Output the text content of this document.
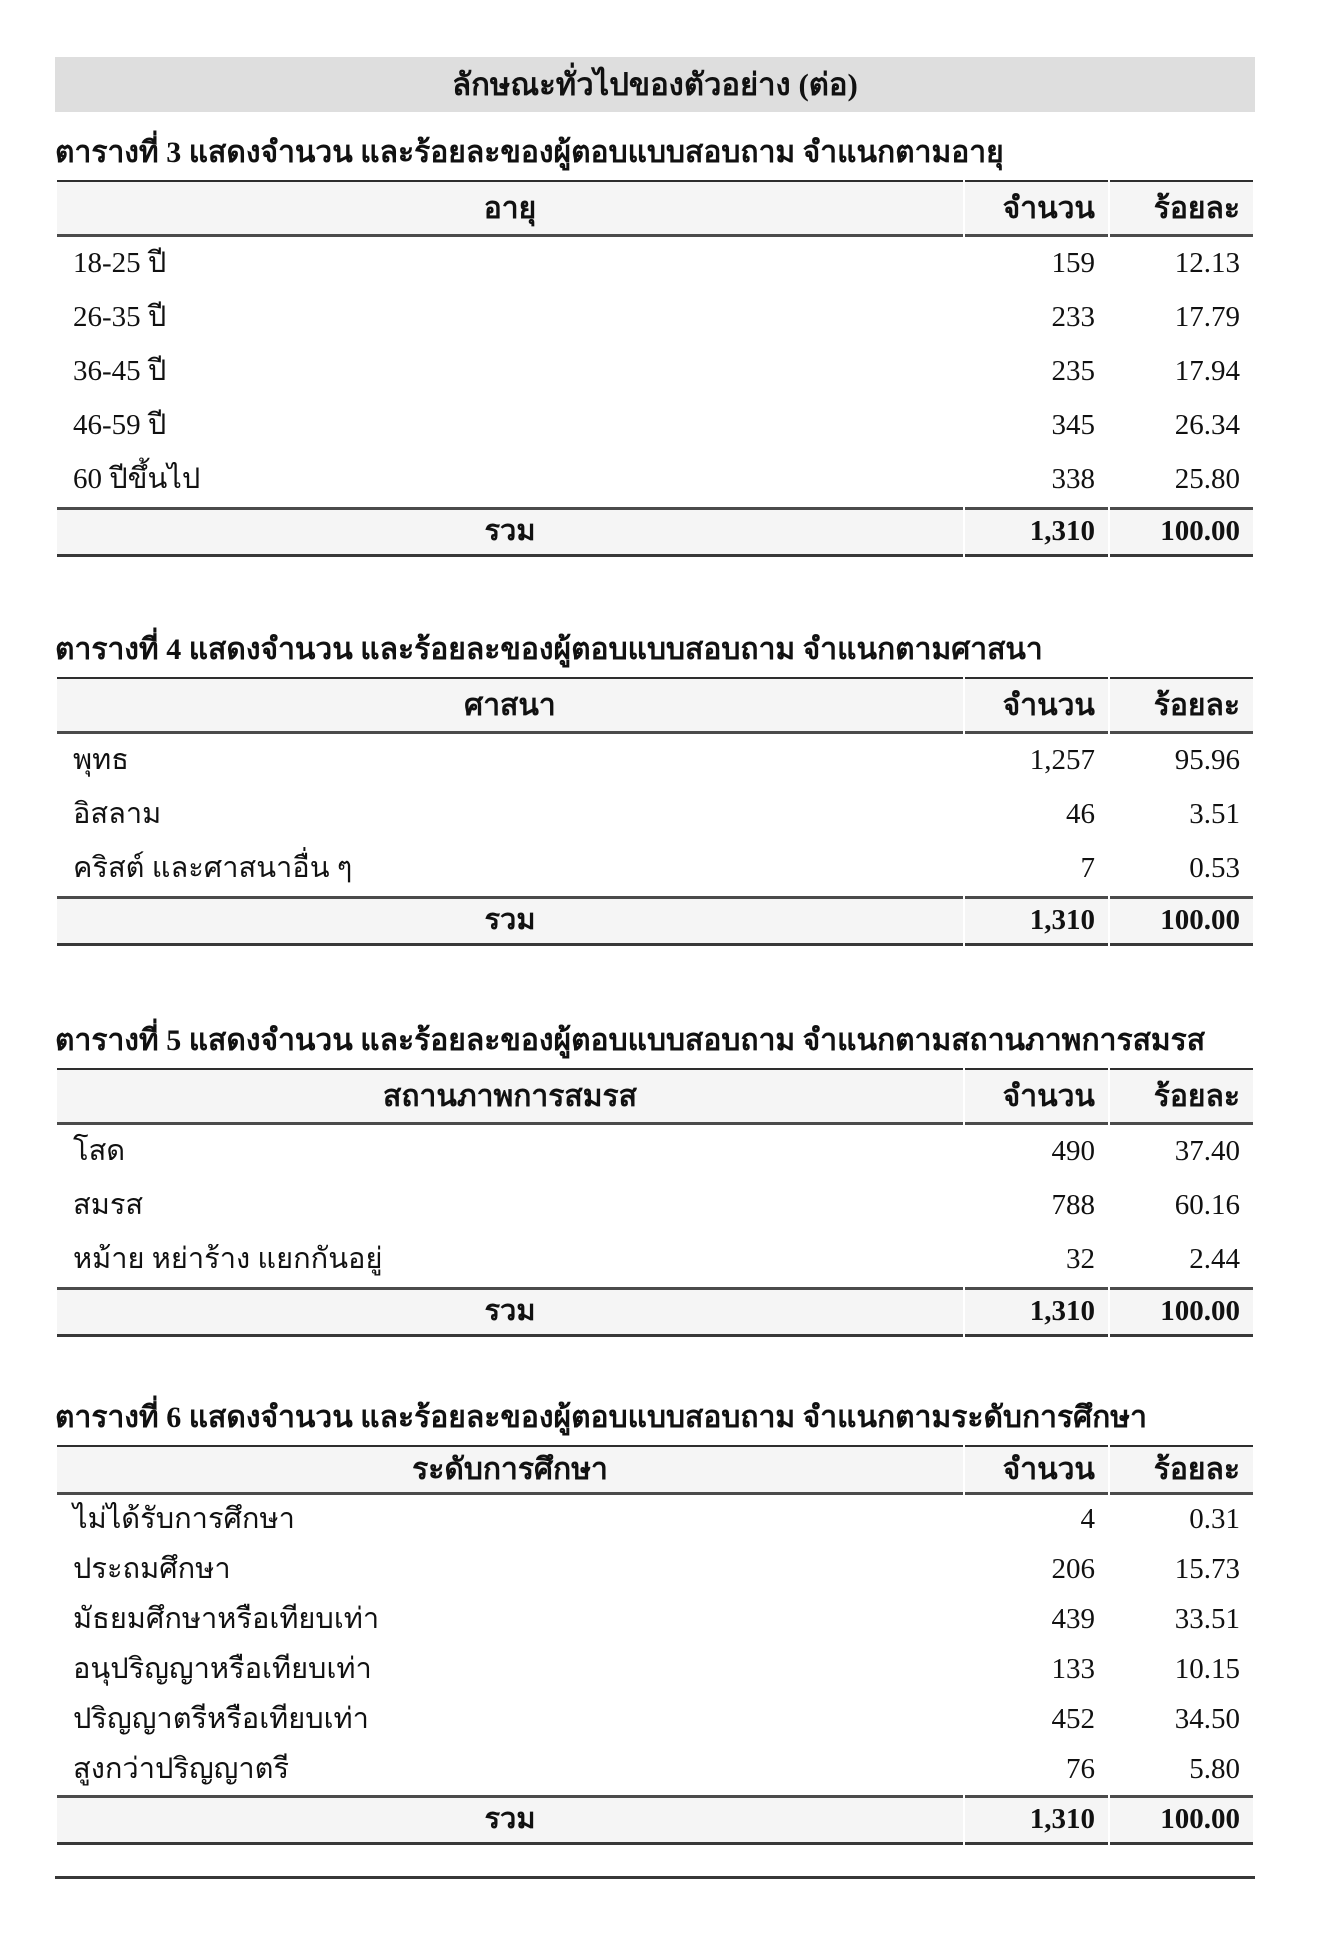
ลักษณะทั่วไปของตัวอย่าง (ต่อ)

ตารางที่ 3 แสดงจำนวน และร้อยละของผู้ตอบแบบสอบถาม จำแนกตามอายุ

อายุ	จำนวน	ร้อยละ
18-25 ปี	159	12.13
26-35 ปี	233	17.79
36-45 ปี	235	17.94
46-59 ปี	345	26.34
60 ปีขึ้นไป	338	25.80
รวม	1,310	100.00

ตารางที่ 4 แสดงจำนวน และร้อยละของผู้ตอบแบบสอบถาม จำแนกตามศาสนา

ศาสนา	จำนวน	ร้อยละ
พุทธ	1,257	95.96
อิสลาม	46	3.51
คริสต์ และศาสนาอื่น ๆ	7	0.53
รวม	1,310	100.00

ตารางที่ 5 แสดงจำนวน และร้อยละของผู้ตอบแบบสอบถาม จำแนกตามสถานภาพการสมรส

สถานภาพการสมรส	จำนวน	ร้อยละ
โสด	490	37.40
สมรส	788	60.16
หม้าย หย่าร้าง แยกกันอยู่	32	2.44
รวม	1,310	100.00

ตารางที่ 6 แสดงจำนวน และร้อยละของผู้ตอบแบบสอบถาม จำแนกตามระดับการศึกษา

ระดับการศึกษา	จำนวน	ร้อยละ
ไม่ได้รับการศึกษา	4	0.31
ประถมศึกษา	206	15.73
มัธยมศึกษาหรือเทียบเท่า	439	33.51
อนุปริญญาหรือเทียบเท่า	133	10.15
ปริญญาตรีหรือเทียบเท่า	452	34.50
สูงกว่าปริญญาตรี	76	5.80
รวม	1,310	100.00
